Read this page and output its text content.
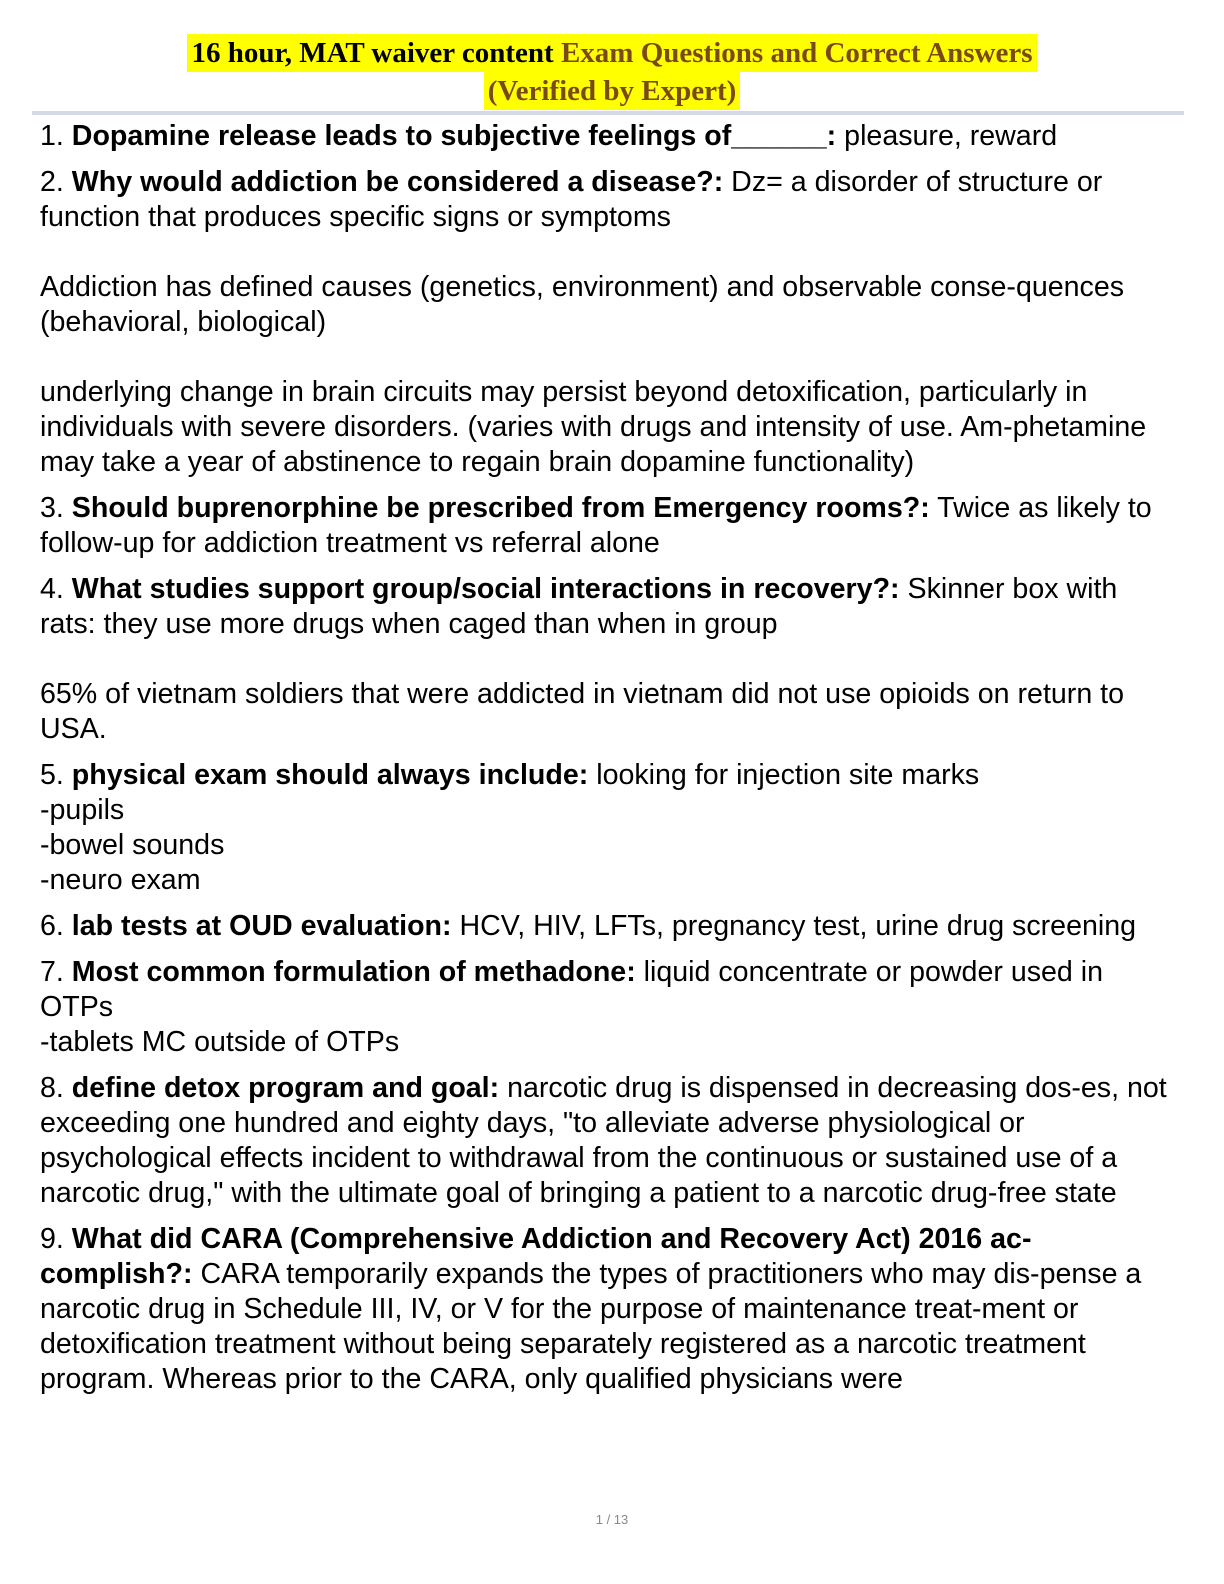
16 hour, MAT waiver content Exam Questions and Correct Answers
(Verified by Expert)

1. Dopamine release leads to subjective feelings of______: pleasure, reward

2. Why would addiction be considered a disease?: Dz= a disorder of structure or function that produces specific signs or symptoms

Addiction has defined causes (genetics, environment) and observable conse-quences (behavioral, biological)

underlying change in brain circuits may persist beyond detoxification, particularly in individuals with severe disorders. (varies with drugs and intensity of use. Am-phetamine may take a year of abstinence to regain brain dopamine functionality)

3. Should buprenorphine be prescribed from Emergency rooms?: Twice as likely to follow-up for addiction treatment vs referral alone

4. What studies support group/social interactions in recovery?: Skinner box with rats: they use more drugs when caged than when in group

65% of vietnam soldiers that were addicted in vietnam did not use opioids on return to USA.

5. physical exam should always include: looking for injection site marks

-pupils

-bowel sounds

-neuro exam

6. lab tests at OUD evaluation: HCV, HIV, LFTs, pregnancy test, urine drug screening

7. Most common formulation of methadone: liquid concentrate or powder used in OTPs

-tablets MC outside of OTPs

8. define detox program and goal: narcotic drug is dispensed in decreasing dos-es, not exceeding one hundred and eighty days, "to alleviate adverse physiological or psychological effects incident to withdrawal from the continuous or sustained use of a narcotic drug," with the ultimate goal of bringing a patient to a narcotic drug-free state

9. What did CARA (Comprehensive Addiction and Recovery Act) 2016 ac-complish?: CARA temporarily expands the types of practitioners who may dis-pense a narcotic drug in Schedule III, IV, or V for the purpose of maintenance treat-ment or detoxification treatment without being separately registered as a narcotic treatment program. Whereas prior to the CARA, only qualified physicians were

1 / 13
